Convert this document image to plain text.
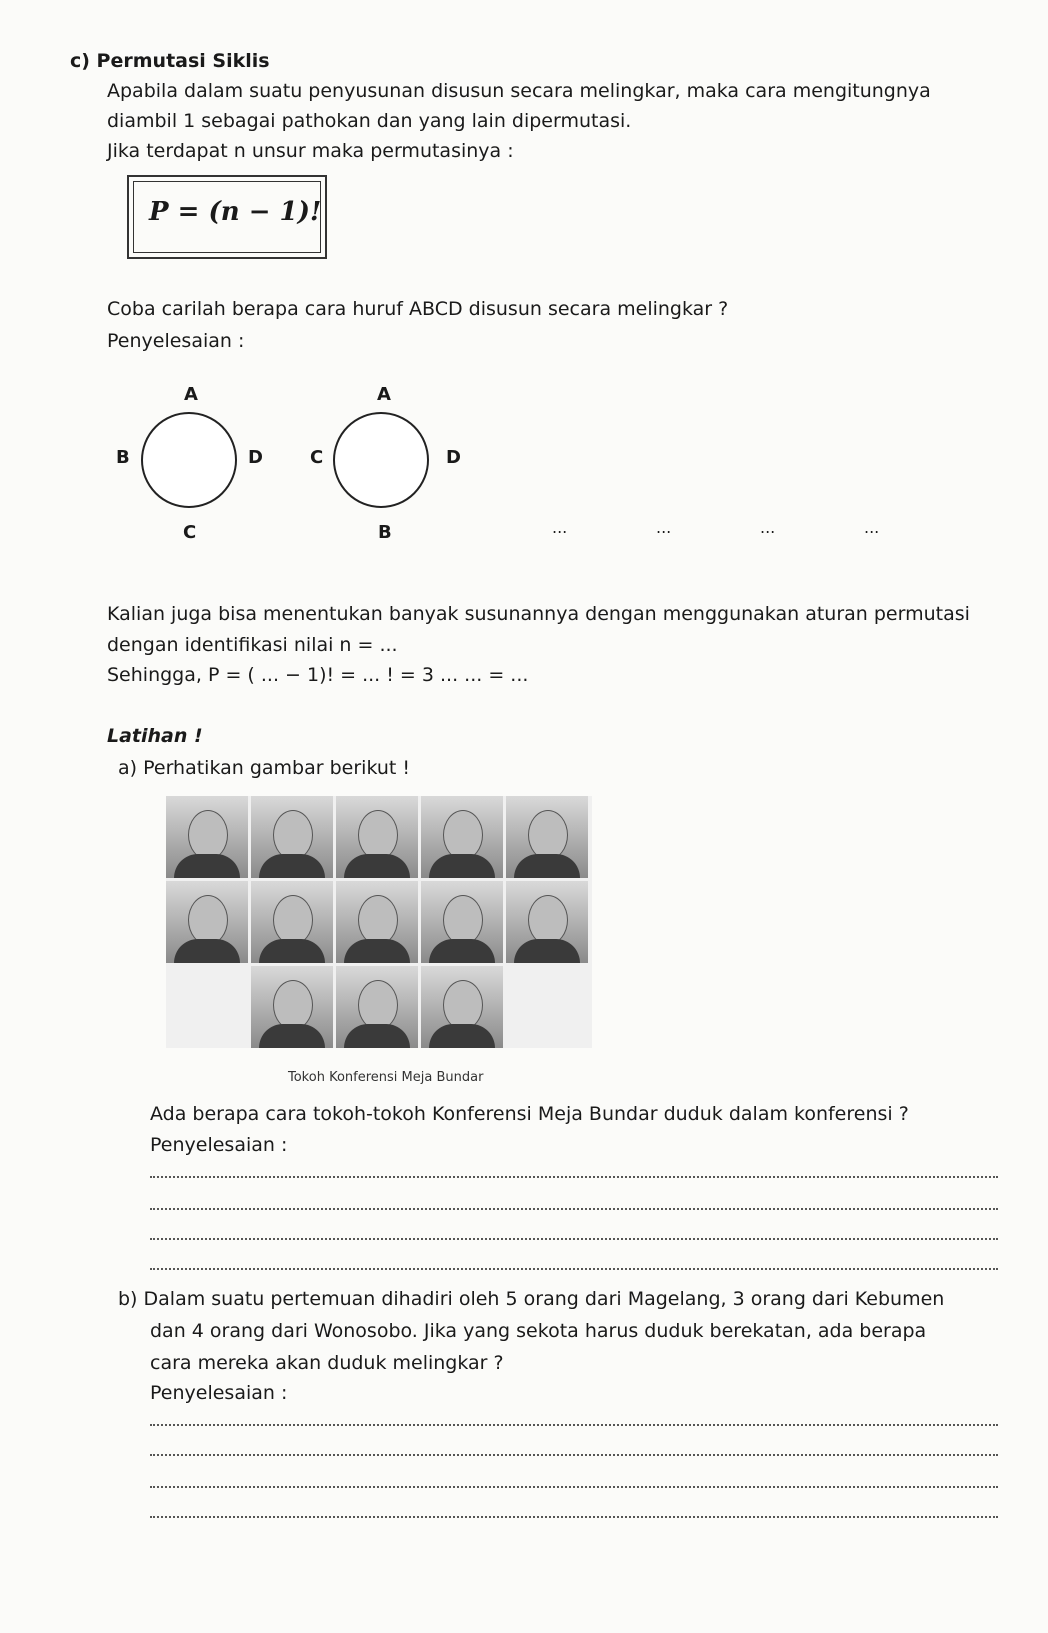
c) Permutasi Siklis
Apabila dalam suatu penyusunan disusun secara melingkar, maka cara mengitungnya
diambil 1 sebagai pathokan dan yang lain dipermutasi.
Jika terdapat n unsur maka permutasinya :
P = (n − 1)!
Coba carilah berapa cara huruf ABCD disusun secara melingkar ?
Penyelesaian :
A
B	D
C
A
C	D
B	...	...	...	...
Kalian juga bisa menentukan banyak susunannya dengan menggunakan aturan permutasi
dengan identifikasi nilai n = ...
Sehingga, P = ( ... − 1)! = ... ! = 3 ... ... = ...
Latihan !
a) Perhatikan gambar berikut !
Tokoh Konferensi Meja Bundar
Ada berapa cara tokoh-tokoh Konferensi Meja Bundar duduk dalam konferensi ?
Penyelesaian :
b) Dalam suatu pertemuan dihadiri oleh 5 orang dari Magelang, 3 orang dari Kebumen
dan 4 orang dari Wonosobo. Jika yang sekota harus duduk berekatan, ada berapa
cara mereka akan duduk melingkar ?
Penyelesaian :
